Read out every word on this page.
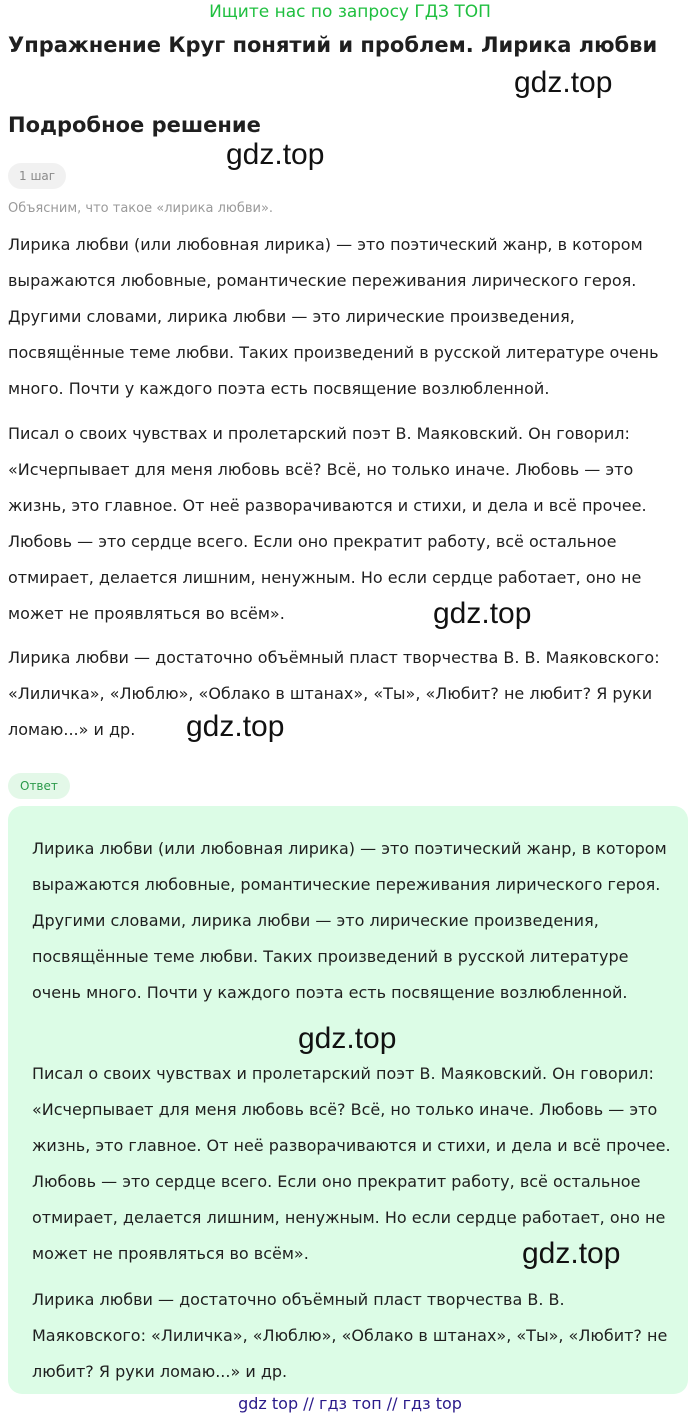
Ищите нас по запросу ГДЗ ТОП
Упражнение Круг понятий и проблем. Лирика любви
gdz.top
Подробное решение
gdz.top
1 шаг
Объясним, что такое «лирика любви».

Лирика любви (или любовная лирика) — это поэтический жанр, в котором выражаются любовные, романтические переживания лирического героя. Другими словами, лирика любви — это лирические произведения, посвящённые теме любви. Таких произведений в русской литературе очень много. Почти у каждого поэта есть посвящение возлюбленной.

Писал о своих чувствах и пролетарский поэт В. Маяковский. Он говорил: «Исчерпывает для меня любовь всё? Всё, но только иначе. Любовь — это жизнь, это главное. От неё разворачиваются и стихи, и дела и всё прочее. Любовь — это сердце всего. Если оно прекратит работу, всё остальное отмирает, делается лишним, ненужным. Но если сердце работает, оно не может не проявляться во всём».

Лирика любви — достаточно объёмный пласт творчества В. В. Маяковского: «Лиличка», «Люблю», «Облако в штанах», «Ты», «Любит? не любит? Я руки ломаю...» и др.

gdz.top
gdz.top
Ответ

Лирика любви (или любовная лирика) — это поэтический жанр, в котором выражаются любовные, романтические переживания лирического героя. Другими словами, лирика любви — это лирические произведения, посвящённые теме любви. Таких произведений в русской литературе очень много. Почти у каждого поэта есть посвящение возлюбленной.

Писал о своих чувствах и пролетарский поэт В. Маяковский. Он говорил: «Исчерпывает для меня любовь всё? Всё, но только иначе. Любовь — это жизнь, это главное. От неё разворачиваются и стихи, и дела и всё прочее. Любовь — это сердце всего. Если оно прекратит работу, всё остальное отмирает, делается лишним, ненужным. Но если сердце работает, оно не может не проявляться во всём».

Лирика любви — достаточно объёмный пласт творчества В. В. Маяковского: «Лиличка», «Люблю», «Облако в штанах», «Ты», «Любит? не любит? Я руки ломаю...» и др.

gdz.top
gdz.top
gdz top // гдз топ // гдз top
